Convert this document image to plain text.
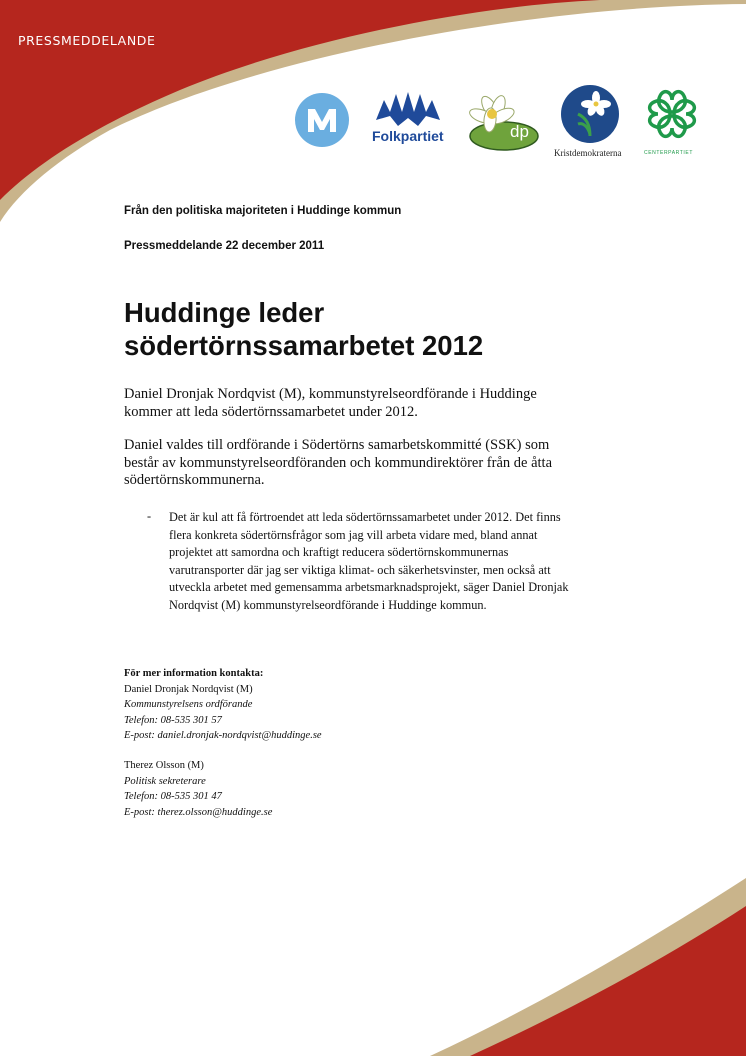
PRESSMEDDELANDE
Folkpartiet	dp
Kristdemokraterna	CENTERPARTIET
Från den politiska majoriteten i Huddinge kommun
Pressmeddelande 22 december 2011
Huddinge leder
södertörnssamarbetet 2012

Daniel Dronjak Nordqvist (M), kommunstyrelseordförande i Huddinge kommer att leda södertörnssamarbetet under 2012.

Daniel valdes till ordförande i Södertörns samarbetskommitté (SSK) som består av kommunstyrelseordföranden och kommundirektörer från de åtta södertörnskommunerna.

- Det är kul att få förtroendet att leda södertörnssamarbetet under 2012. Det finns flera konkreta södertörnsfrågor som jag vill arbeta vidare med, bland annat projektet att samordna och kraftigt reducera södertörnskommunernas varutransporter där jag ser viktiga klimat- och säkerhetsvinster, men också att utveckla arbetet med gemensamma arbetsmarknadsprojekt, säger Daniel Dronjak Nordqvist (M) kommunstyrelseordförande i Huddinge kommun.

För mer information kontakta:
Daniel Dronjak Nordqvist (M)
Kommunstyrelsens ordförande
Telefon: 08-535 301 57
E-post: daniel.dronjak-nordqvist@huddinge.se
Therez Olsson (M)
Politisk sekreterare
Telefon: 08-535 301 47
E-post: therez.olsson@huddinge.se
